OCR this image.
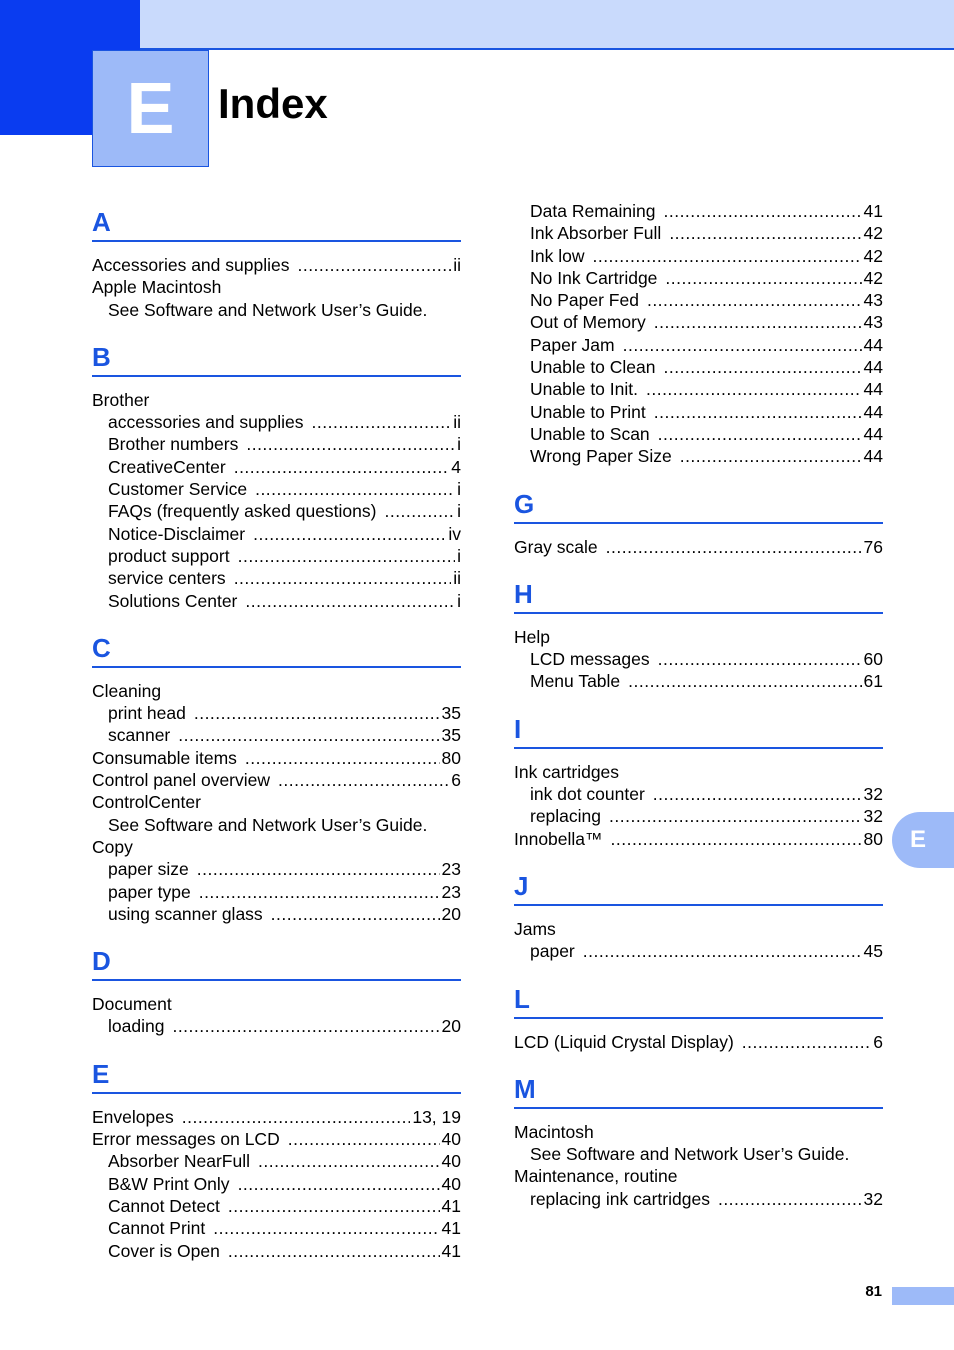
E Index
A
Accessories and supplies .....	ii
Apple Macintosh
See Software and Network User’s Guide.
B
Brother
accessories and supplies .....	ii
Brother numbers .....	i
CreativeCenter .....	4
Customer Service .....	i
FAQs (frequently asked questions) .....	i
Notice-Disclaimer .....	iv
product support .....	i
service centers .....	ii
Solutions Center .....	i
C
Cleaning
print head .....	35
scanner .....	35
Consumable items .....	80
Control panel overview .....	6
ControlCenter
See Software and Network User’s Guide.
Copy
paper size .....	23
paper type .....	23
using scanner glass .....	20
D
Document
loading .....	20
E
Envelopes .....	13, 19
Error messages on LCD .....	40
Absorber NearFull .....	40
B&W Print Only .....	40
Cannot Detect .....	41
Cannot Print .....	41
Cover is Open .....	41
Data Remaining .....	41
Ink Absorber Full .....	42
Ink low .....	42
No Ink Cartridge .....	42
No Paper Fed .....	43
Out of Memory .....	43
Paper Jam .....	44
Unable to Clean .....	44
Unable to Init. .....	44
Unable to Print .....	44
Unable to Scan .....	44
Wrong Paper Size .....	44
G
Gray scale .....	76
H
Help
LCD messages .....	60
Menu Table .....	61
I
Ink cartridges
ink dot counter .....	32
replacing .....	32
Innobella™ .....	80
J
Jams
paper .....	45
L
LCD (Liquid Crystal Display) .....	6
M
Macintosh
See Software and Network User’s Guide.
Maintenance, routine
replacing ink cartridges .....	32
E
81
